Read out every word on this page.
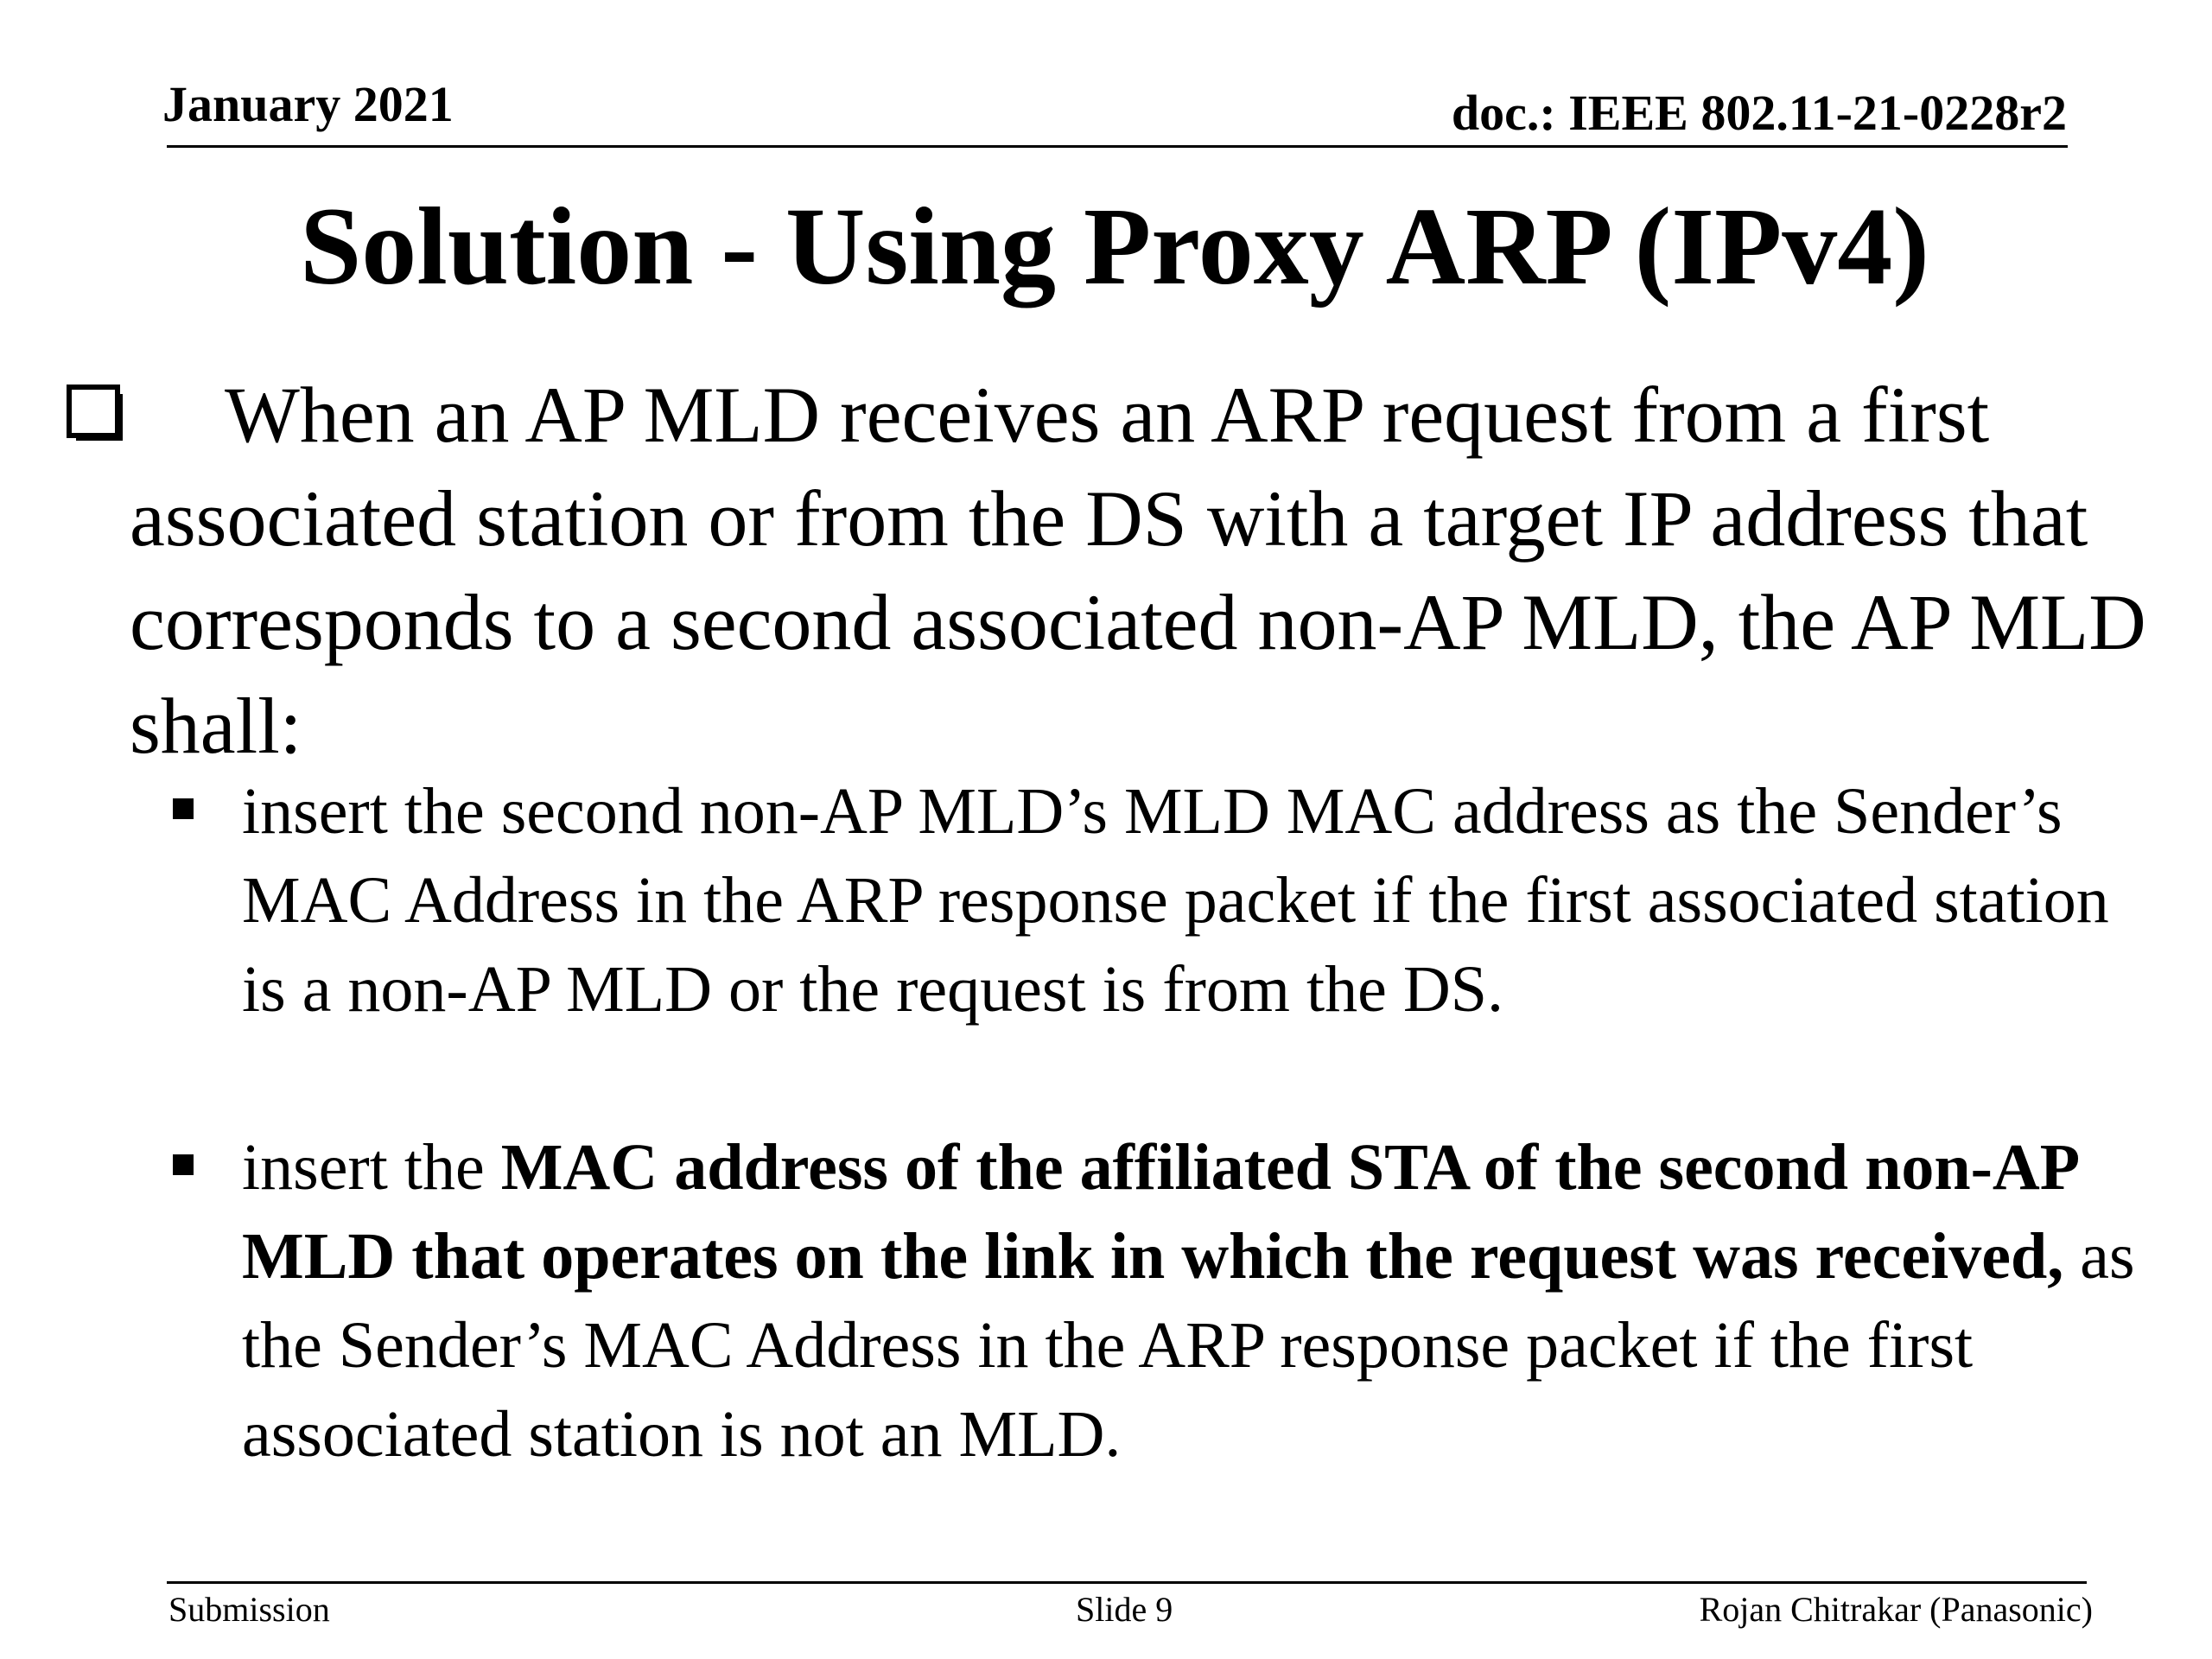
January 2021	doc.: IEEE 802.11-21-0228r2
Solution - Using Proxy ARP (IPv4)
When an AP MLD receives an ARP request from a first associated station or from the DS with a target IP address that corresponds to a second associated non-AP MLD, the AP MLD shall:
insert the second non-AP MLD’s MLD MAC address as the Sender’s MAC Address in the ARP response packet if the first associated station is a non-AP MLD or the request is from the DS.
insert the MAC address of the affiliated STA of the second non-AP MLD that operates on the link in which the request was received, as the Sender’s MAC Address in the ARP response packet if the first associated station is not an MLD.
Submission	Slide 9	Rojan Chitrakar (Panasonic)
